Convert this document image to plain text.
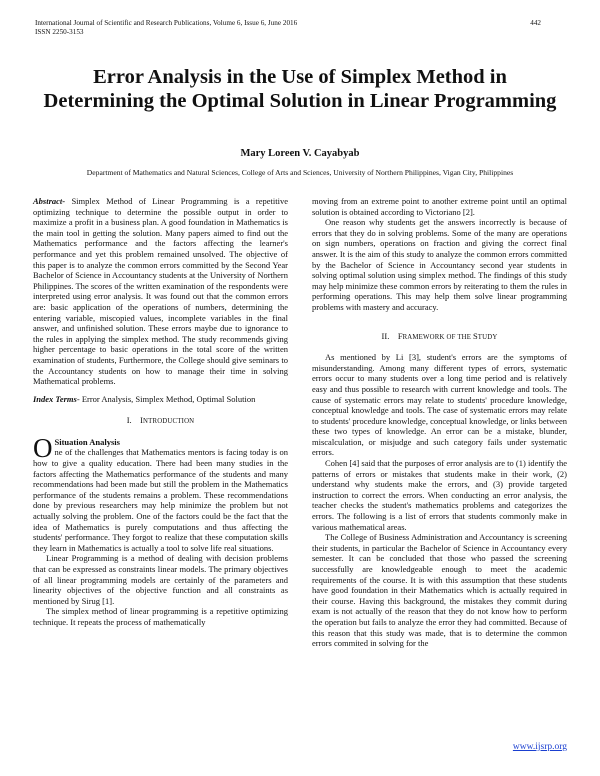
International Journal of Scientific and Research Publications, Volume 6, Issue 6, June 2016
ISSN 2250-3153
442
Error Analysis in the Use of Simplex Method in Determining the Optimal Solution in Linear Programming
Mary Loreen V. Cayabyab
Department of Mathematics and Natural Sciences, College of Arts and Sciences, University of Northern Philippines, Vigan City, Philippines

Abstract- Simplex Method of Linear Programming is a repetitive optimizing technique to determine the possible output in order to maximize a profit in a business plan. A good foundation in Mathematics is the main tool in getting the solution. Many papers aimed to find out the Mathematics performance and the factors affecting the learner's performance and yet this problem remained unsolved. The objective of this paper is to analyze the common errors committed by the Second Year Bachelor of Science in Accountancy students at the University of Northern Philippines. The scores of the written examination of the respondents were interpreted using error analysis. It was found out that the common errors are: basic application of the operations of numbers, determining the entering variable, miscopied values, incomplete variables in the final answer, and unfinished solution. These errors maybe due to ignorance to the rules in applying the simplex method. The study recommends giving higher percentage to basic operations in the total score of the written examination of students, Furthermore, the College should give seminars to the Accountancy students on how to manage their time in solving Mathematical problems.

Index Terms- Error Analysis, Simplex Method, Optimal Solution

I. INTRODUCTION

O Situation Analysis
ne of the challenges that Mathematics mentors is facing today is on how to give a quality education. There had been many studies in the factors affecting the Mathematics performance of the students and many recommendations had been made but still the problem in the Mathematics performance of the students remains a problem. These recommendations done by previous researchers may help minimize the problem but not actually solving the problem. One of the factors could be the fact that the idea of Mathematics is purely computations and thus affecting the students' performance. They forgot to realize that these computation skills they learn in Mathematics is actually a tool to solve life real situations.

Linear Programming is a method of dealing with decision problems that can be expressed as constraints linear models. The primary objectives of all linear programming models are certainly of the parameters and linearity objectives of the objective function and all constraints as mentioned by Sirug [1].

The simplex method of linear programming is a repetitive optimizing technique. It repeats the process of mathematically

moving from an extreme point to another extreme point until an optimal solution is obtained according to Victoriano [2].

One reason why students get the answers incorrectly is because of errors that they do in solving problems. Some of the many are operations on sign numbers, operations on fraction and giving the correct final answer. It is the aim of this study to analyze the common errors committed by the Bachelor of Science in Accountancy second year students in solving optimal solution using simplex method. The findings of this study may help minimize these common errors by reiterating to them the rules in performing operations. This may help them solve linear programming problems with mastery and accuracy.

II. FRAMEWORK OF THE STUDY

As mentioned by Li [3], student's errors are the symptoms of misunderstanding. Among many different types of errors, systematic errors occur to many students over a long time period and is relatively easy and thus possible to research with current knowledge and tools. The cause of systematic errors may relate to students' procedure knowledge, conceptual knowledge and tools. The case of systematic errors may relate to students' procedure knowledge, conceptual knowledge, or links between these two types of knowledge. An error can be a mistake, blunder, miscalculation, or misjudge and such category fails under systematic errors.

Cohen [4] said that the purposes of error analysis are to (1) identify the patterns of errors or mistakes that students make in their work, (2) understand why students make the errors, and (3) provide targeted instruction to correct the errors. When conducting an error analysis, the teacher checks the student's mathematics problems and categorizes the errors. The following is a list of errors that students commonly make in various mathematical areas.

The College of Business Administration and Accountancy is screening their students, in particular the Bachelor of Science in Accountancy every semester. It can be concluded that those who passed the screening successfully are knowledgeable enough to meet the academic requirements of the course. It is with this assumption that these students have good foundation in their Mathematics which is actually required in their course. Having this background, the mistakes they commit during exam is not actually of the reason that they do not know how to perform the operation but fails to analyze the error they had committed. Because of this reason that this study was made, that is to determine the common errors commited in solving for the

www.ijsrp.org
